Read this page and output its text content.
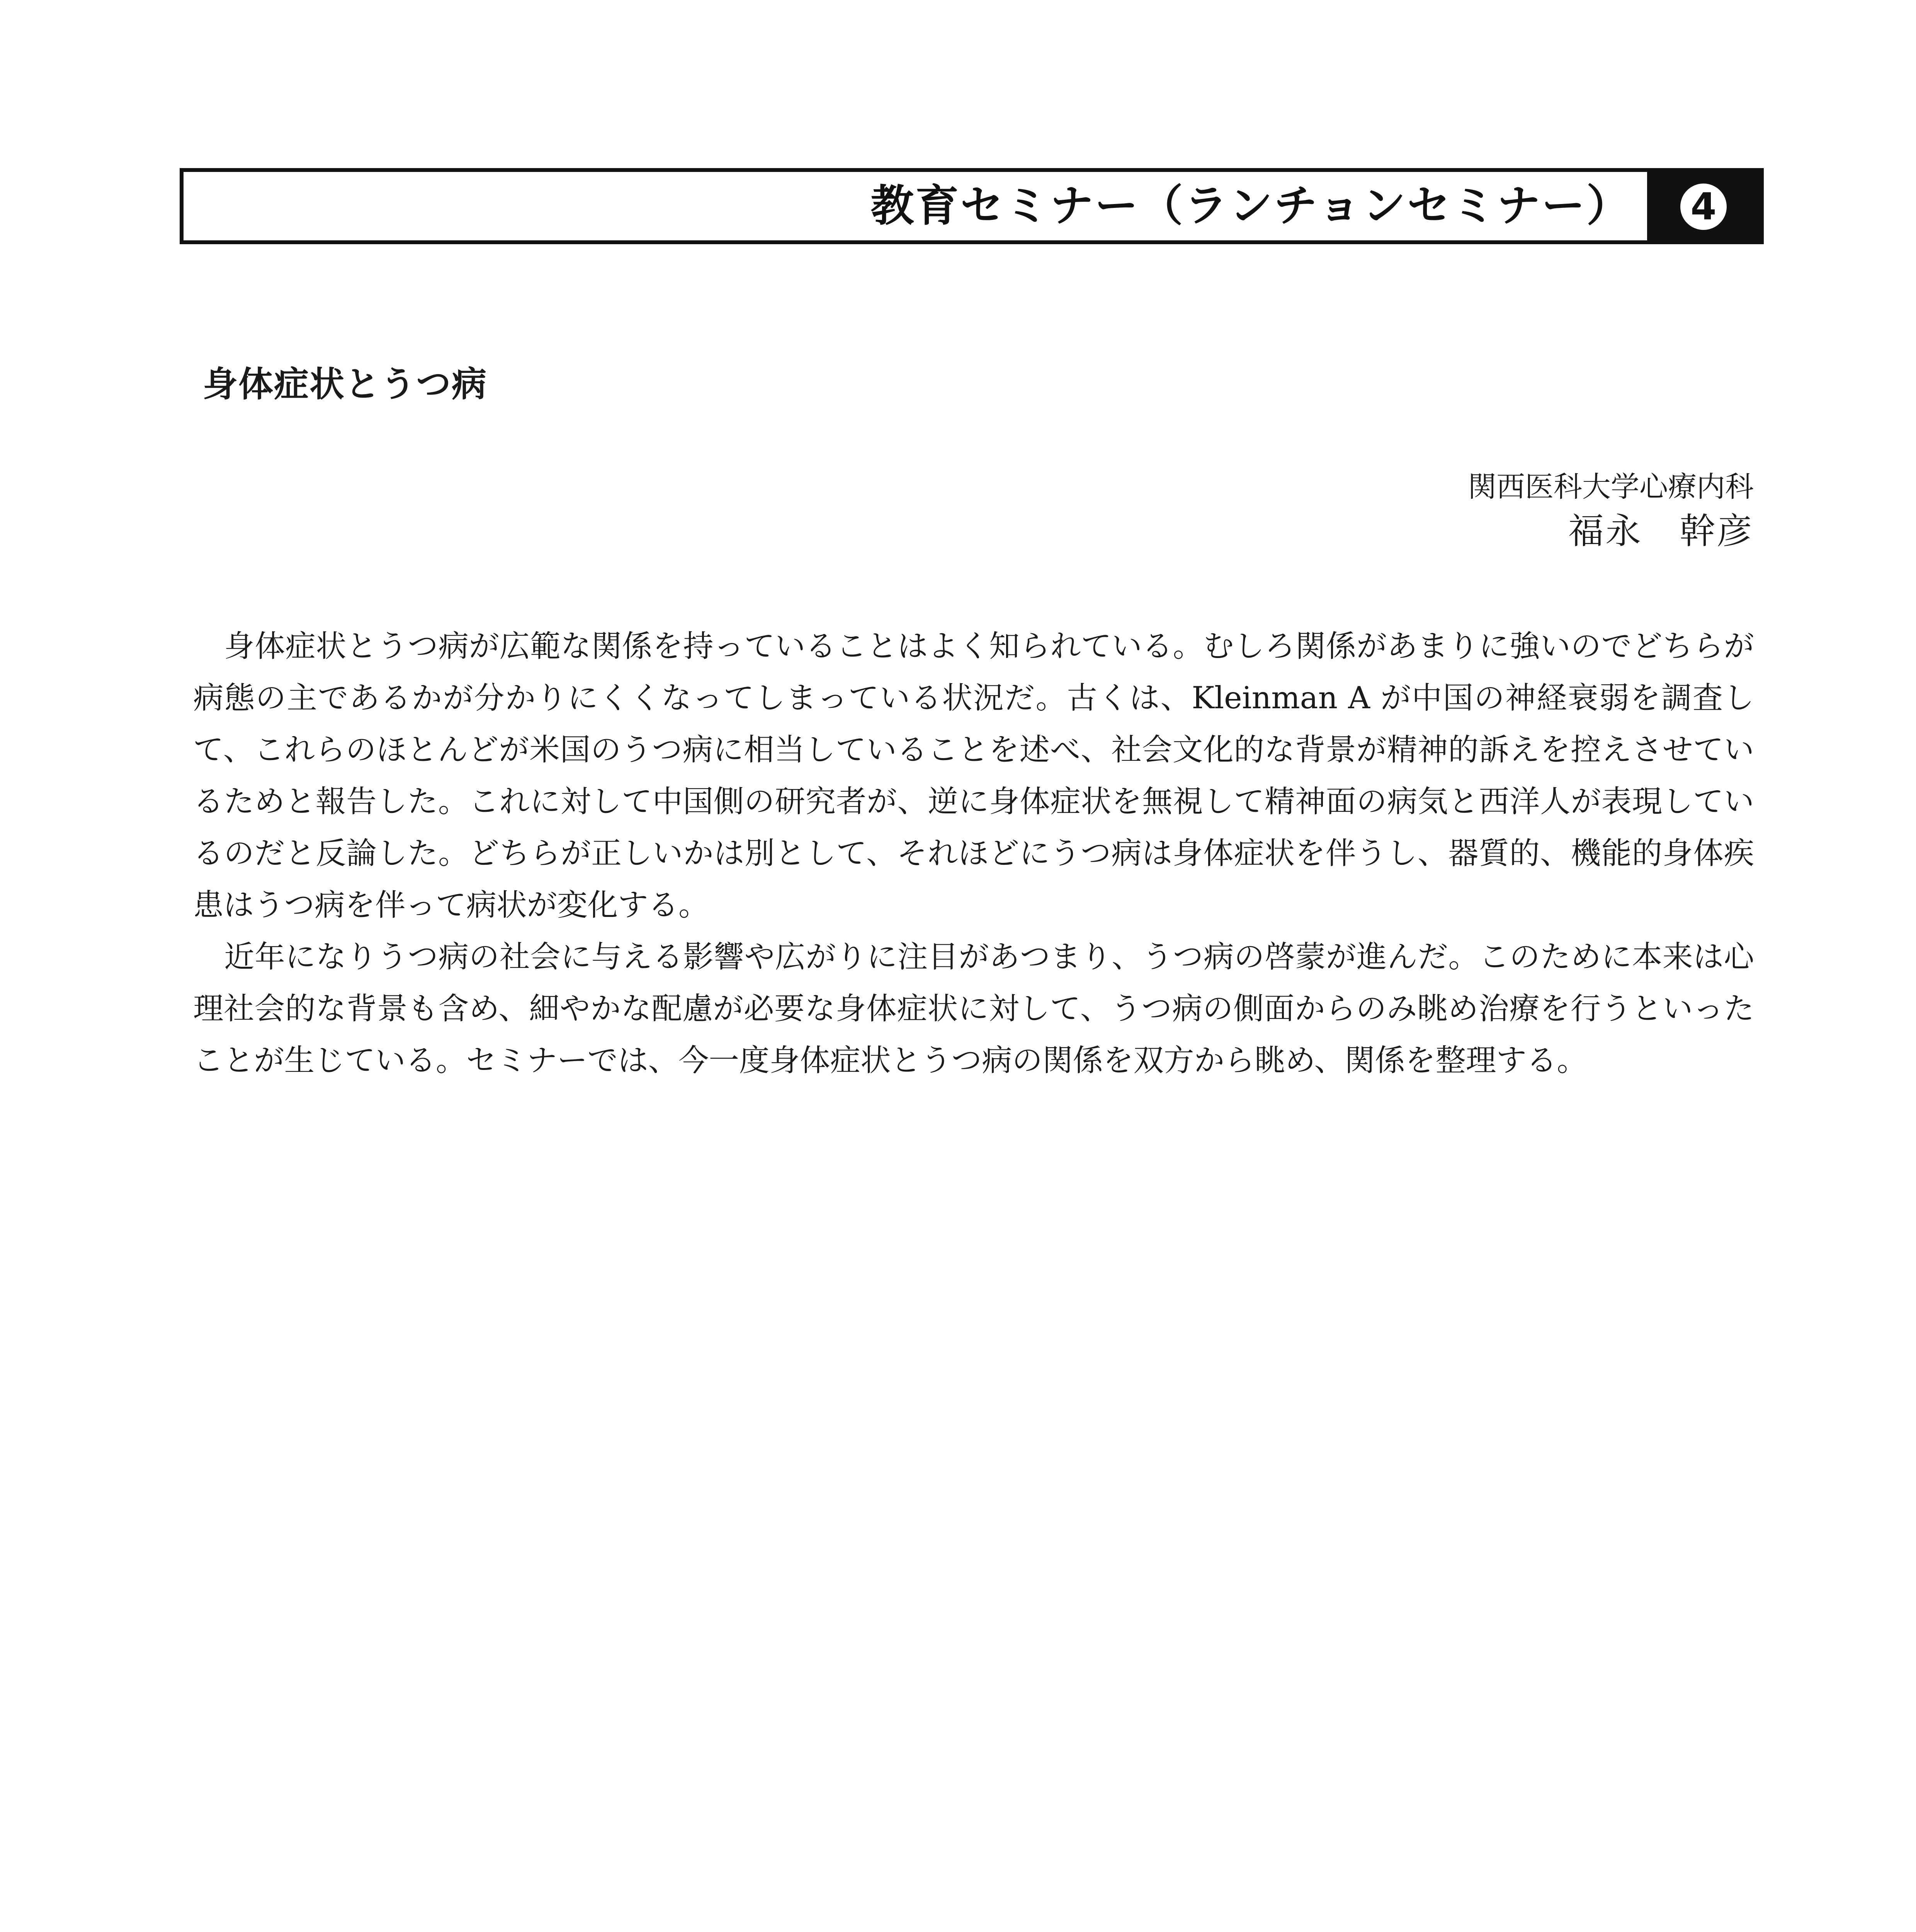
教育セミナー（ランチョンセミナー） 4
身体症状とうつ病
関西医科大学心療内科
福永　幹彦

身体症状とうつ病が広範な関係を持っていることはよく知られている。むしろ関係があまりに強いのでどちらが病態の主であるかが分かりにくくなってしまっている状況だ。古くは、Kleinman A が中国の神経衰弱を調査して、これらのほとんどが米国のうつ病に相当していることを述べ、社会文化的な背景が精神的訴えを控えさせているためと報告した。これに対して中国側の研究者が、逆に身体症状を無視して精神面の病気と西洋人が表現しているのだと反論した。どちらが正しいかは別として、それほどにうつ病は身体症状を伴うし、器質的、機能的身体疾患はうつ病を伴って病状が変化する。

近年になりうつ病の社会に与える影響や広がりに注目があつまり、うつ病の啓蒙が進んだ。このために本来は心理社会的な背景も含め、細やかな配慮が必要な身体症状に対して、うつ病の側面からのみ眺め治療を行うといったことが生じている。セミナーでは、今一度身体症状とうつ病の関係を双方から眺め、関係を整理する。
